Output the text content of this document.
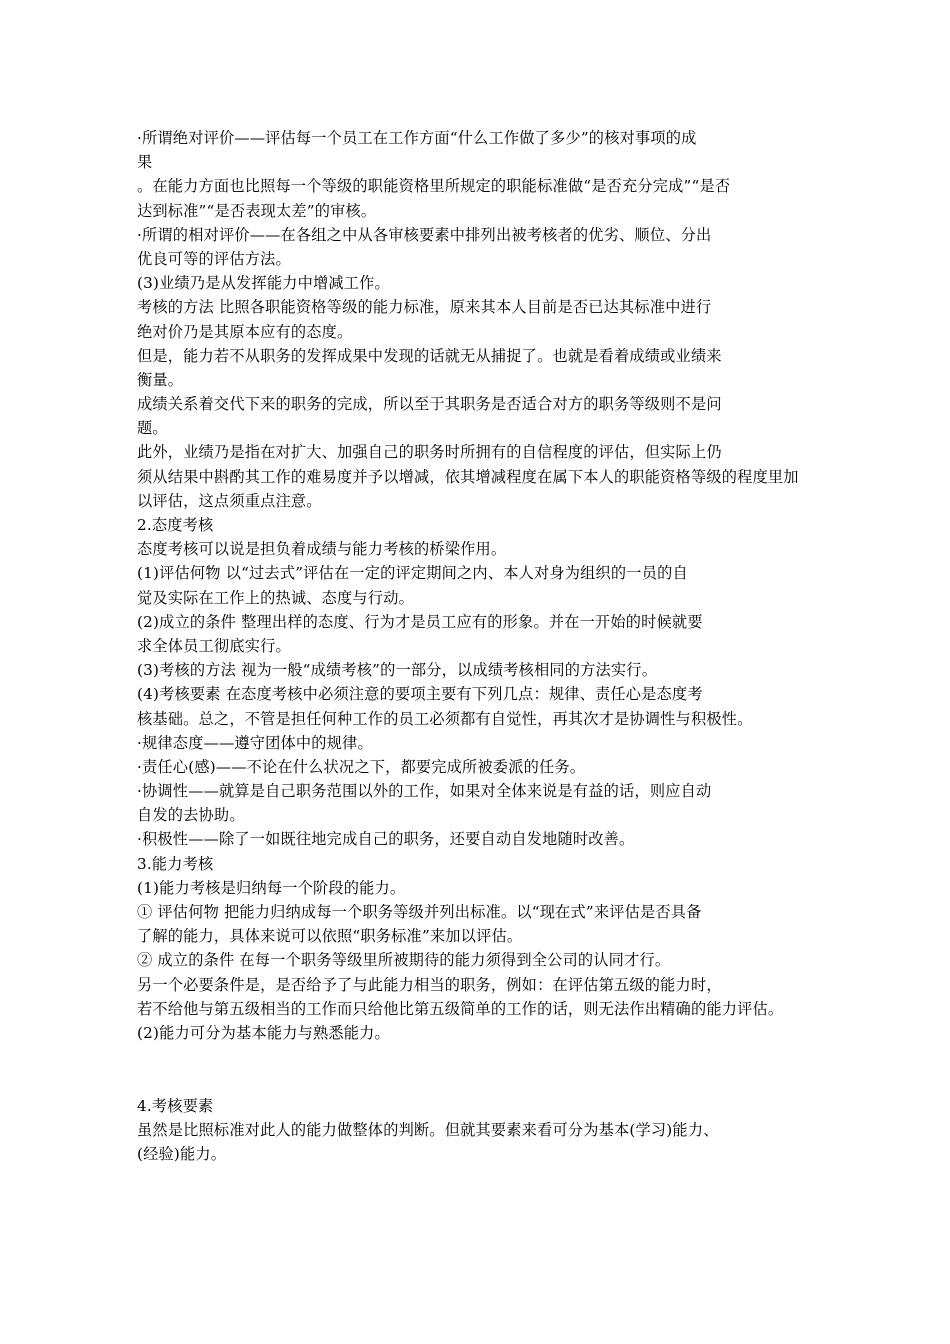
·所谓绝对评价——评估每一个员工在工作方面“什么工作做了多少”的核对事项的成
果
。在能力方面也比照每一个等级的职能资格里所规定的职能标准做“是否充分完成”“是否
达到标准”“是否表现太差”的审核。
·所谓的相对评价——在各组之中从各审核要素中排列出被考核者的优劣、顺位、分出
优良可等的评估方法。
(3)业绩乃是从发挥能力中增减工作。
考核的方法 比照各职能资格等级的能力标准，原来其本人目前是否已达其标准中进行
绝对价乃是其原本应有的态度。
但是，能力若不从职务的发挥成果中发现的话就无从捕捉了。也就是看着成绩或业绩来
衡量。
成绩关系着交代下来的职务的完成，所以至于其职务是否适合对方的职务等级则不是问
题。
此外，业绩乃是指在对扩大、加强自己的职务时所拥有的自信程度的评估，但实际上仍
须从结果中斟酌其工作的难易度并予以增减，依其增减程度在属下本人的职能资格等级的程度里加
以评估，这点须重点注意。
2.态度考核
态度考核可以说是担负着成绩与能力考核的桥梁作用。
(1)评估何物 以“过去式”评估在一定的评定期间之内、本人对身为组织的一员的自
觉及实际在工作上的热诚、态度与行动。
(2)成立的条件 整理出样的态度、行为才是员工应有的形象。并在一开始的时候就要
求全体员工彻底实行。
(3)考核的方法 视为一般“成绩考核”的一部分，以成绩考核相同的方法实行。
(4)考核要素 在态度考核中必须注意的要项主要有下列几点：规律、责任心是态度考
核基础。总之，不管是担任何种工作的员工必须都有自觉性，再其次才是协调性与积极性。
·规律态度——遵守团体中的规律。
·责任心(感)——不论在什么状况之下，都要完成所被委派的任务。
·协调性——就算是自己职务范围以外的工作，如果对全体来说是有益的话，则应自动
自发的去协助。
·积极性——除了一如既往地完成自己的职务，还要自动自发地随时改善。
3.能力考核
(1)能力考核是归纳每一个阶段的能力。
① 评估何物 把能力归纳成每一个职务等级并列出标准。以“现在式”来评估是否具备
了解的能力，具体来说可以依照“职务标准”来加以评估。
② 成立的条件 在每一个职务等级里所被期待的能力须得到全公司的认同才行。
另一个必要条件是，是否给予了与此能力相当的职务，例如：在评估第五级的能力时，
若不给他与第五级相当的工作而只给他比第五级简单的工作的话，则无法作出精确的能力评估。
(2)能力可分为基本能力与熟悉能力。
4.考核要素
虽然是比照标准对此人的能力做整体的判断。但就其要素来看可分为基本(学习)能力、
(经验)能力。
